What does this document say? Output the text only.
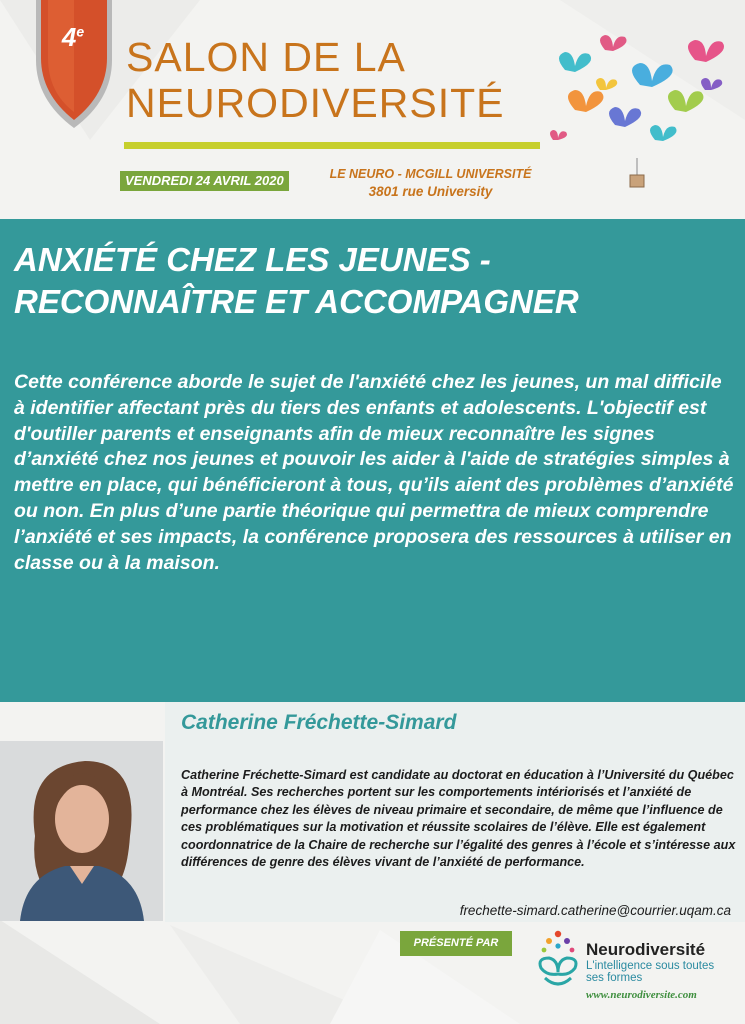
4e
SALON DE LA
NEURODIVERSITÉ
VENDREDI 24 AVRIL 2020	LE NEURO - MCGILL UNIVERSITÉ
3801 rue University
ANXIÉTÉ CHEZ LES JEUNES -
RECONNAÎTRE ET ACCOMPAGNER
Cette conférence aborde le sujet de l'anxiété chez les jeunes, un mal difficile à identifier affectant près du tiers des enfants et adolescents. L'objectif est d'outiller parents et enseignants afin de mieux reconnaître les signes d’anxiété chez nos jeunes et pouvoir les aider à l'aide de stratégies simples à mettre en place, qui bénéficieront à tous, qu’ils aient des problèmes d’anxiété ou non. En plus d’une partie théorique qui permettra de mieux comprendre l’anxiété et ses impacts, la conférence proposera des ressources à utiliser en classe ou à la maison.
Catherine Fréchette-Simard
Catherine Fréchette-Simard est candidate au doctorat en éducation à l’Université du Québec à Montréal. Ses recherches portent sur les comportements intériorisés et l’anxiété de performance chez les élèves de niveau primaire et secondaire, de même que l’influence de ces problématiques sur la motivation et réussite scolaires de l’élève. Elle est également coordonnatrice de la Chaire de recherche sur l’égalité des genres à l’école et s’intéresse aux différences de genre des élèves vivant de l’anxiété de performance.
frechette-simard.catherine@courrier.uqam.ca
PRÉSENTÉ PAR	Neurodiversité
L'intelligence sous toutes ses formes
www.neurodiversite.com
